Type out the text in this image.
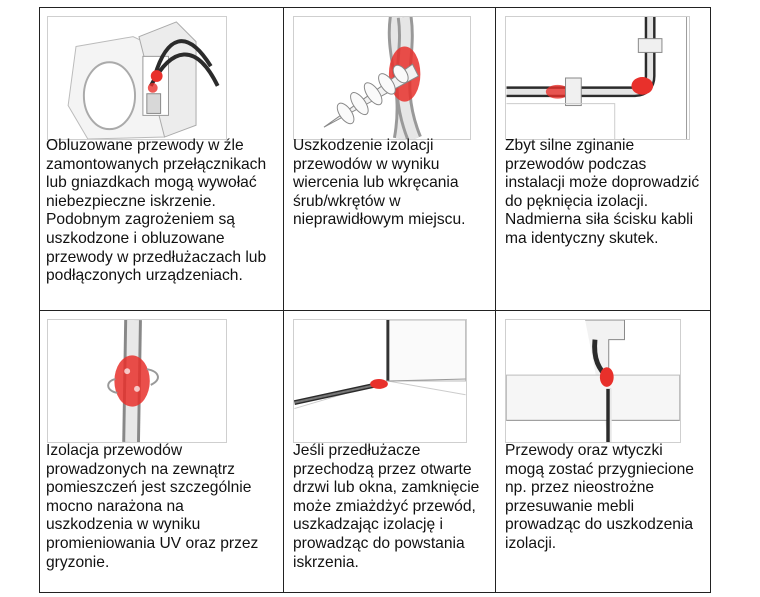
Obluzowane przewody w źle
zamontowanych przełącznikach
lub gniazdkach mogą wywołać
niebezpieczne iskrzenie.
Podobnym zagrożeniem są
uszkodzone i obluzowane
przewody w przedłużaczach lub
podłączonych urządzeniach.

Uszkodzenie izolacji
przewodów w wyniku
wiercenia lub wkręcania
śrub/wkrętów w
nieprawidłowym miejscu.

Zbyt silne zginanie
przewodów podczas
instalacji może doprowadzić
do pęknięcia izolacji.
Nadmierna siła ścisku kabli
ma identyczny skutek.

Izolacja przewodów
prowadzonych na zewnątrz
pomieszczeń jest szczególnie
mocno narażona na
uszkodzenia w wyniku
promieniowania UV oraz przez
gryzonie.

Jeśli przedłużacze
przechodzą przez otwarte
drzwi lub okna, zamknięcie
może zmiażdżyć przewód,
uszkadzając izolację i
prowadząc do powstania
iskrzenia.

Przewody oraz wtyczki
mogą zostać przygniecione
np. przez nieostrożne
przesuwanie mebli
prowadząc do uszkodzenia
izolacji.
